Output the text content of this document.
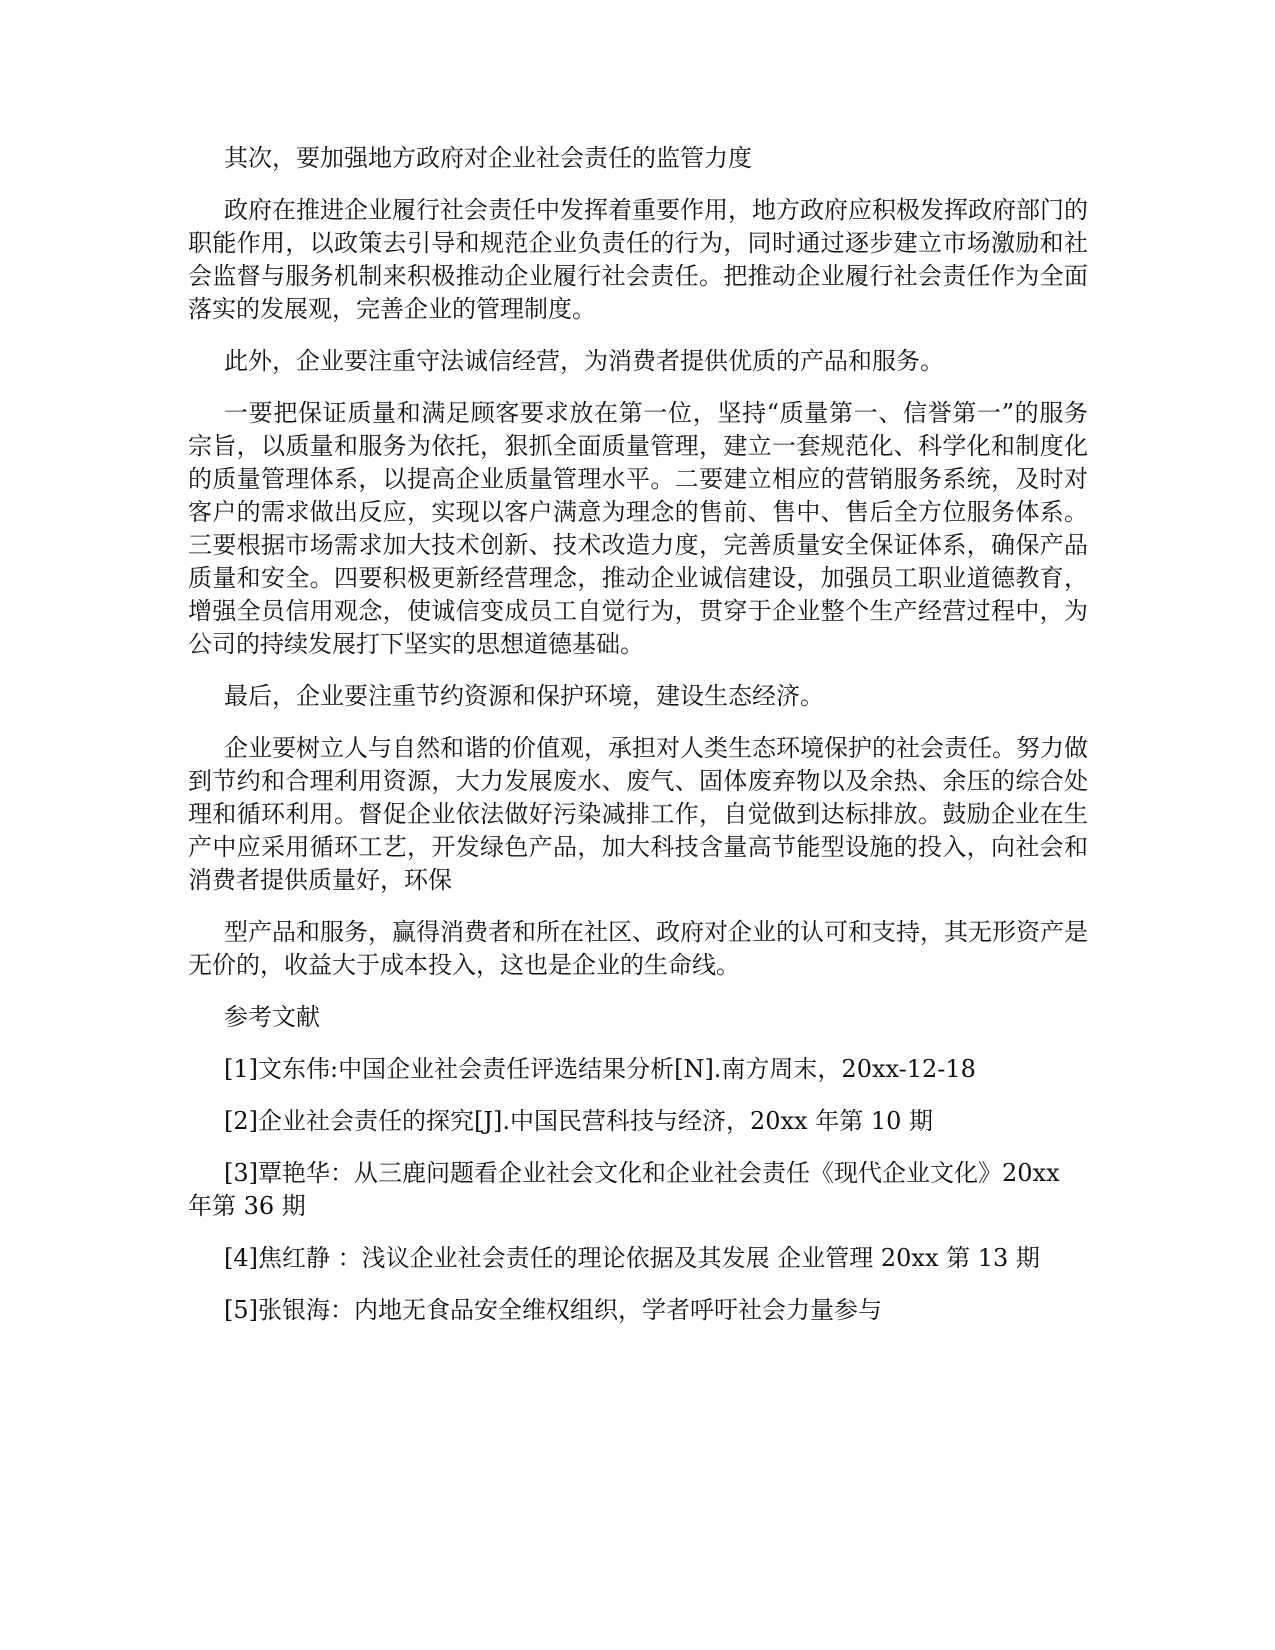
其次，要加强地方政府对企业社会责任的监管力度

政府在推进企业履行社会责任中发挥着重要作用，地方政府应积极发挥政府部门的职能作用，以政策去引导和规范企业负责任的行为，同时通过逐步建立市场激励和社会监督与服务机制来积极推动企业履行社会责任。把推动企业履行社会责任作为全面落实的发展观，完善企业的管理制度。

此外，企业要注重守法诚信经营，为消费者提供优质的产品和服务。

一要把保证质量和满足顾客要求放在第一位，坚持“质量第一、信誉第一”的服务宗旨，以质量和服务为依托，狠抓全面质量管理，建立一套规范化、科学化和制度化的质量管理体系，以提高企业质量管理水平。二要建立相应的营销服务系统，及时对客户的需求做出反应，实现以客户满意为理念的售前、售中、售后全方位服务体系。三要根据市场需求加大技术创新、技术改造力度，完善质量安全保证体系，确保产品质量和安全。四要积极更新经营理念，推动企业诚信建设，加强员工职业道德教育，增强全员信用观念，使诚信变成员工自觉行为，贯穿于企业整个生产经营过程中，为公司的持续发展打下坚实的思想道德基础。

最后，企业要注重节约资源和保护环境，建设生态经济。

企业要树立人与自然和谐的价值观，承担对人类生态环境保护的社会责任。努力做到节约和合理利用资源，大力发展废水、废气、固体废弃物以及余热、余压的综合处理和循环利用。督促企业依法做好污染减排工作，自觉做到达标排放。鼓励企业在生产中应采用循环工艺，开发绿色产品，加大科技含量高节能型设施的投入，向社会和消费者提供质量好，环保

型产品和服务，赢得消费者和所在社区、政府对企业的认可和支持，其无形资产是无价的，收益大于成本投入，这也是企业的生命线。

参考文献

[1]文东伟:中国企业社会责任评选结果分析[N].南方周末，20xx-12-18

[2]企业社会责任的探究[J].中国民营科技与经济，20xx 年第 10 期

[3]覃艳华：从三鹿问题看企业社会文化和企业社会责任《现代企业文化》20xx 年第 36 期

[4]焦红静 ：浅议企业社会责任的理论依据及其发展 企业管理 20xx 第 13 期

[5]张银海：内地无食品安全维权组织，学者呼吁社会力量参与
